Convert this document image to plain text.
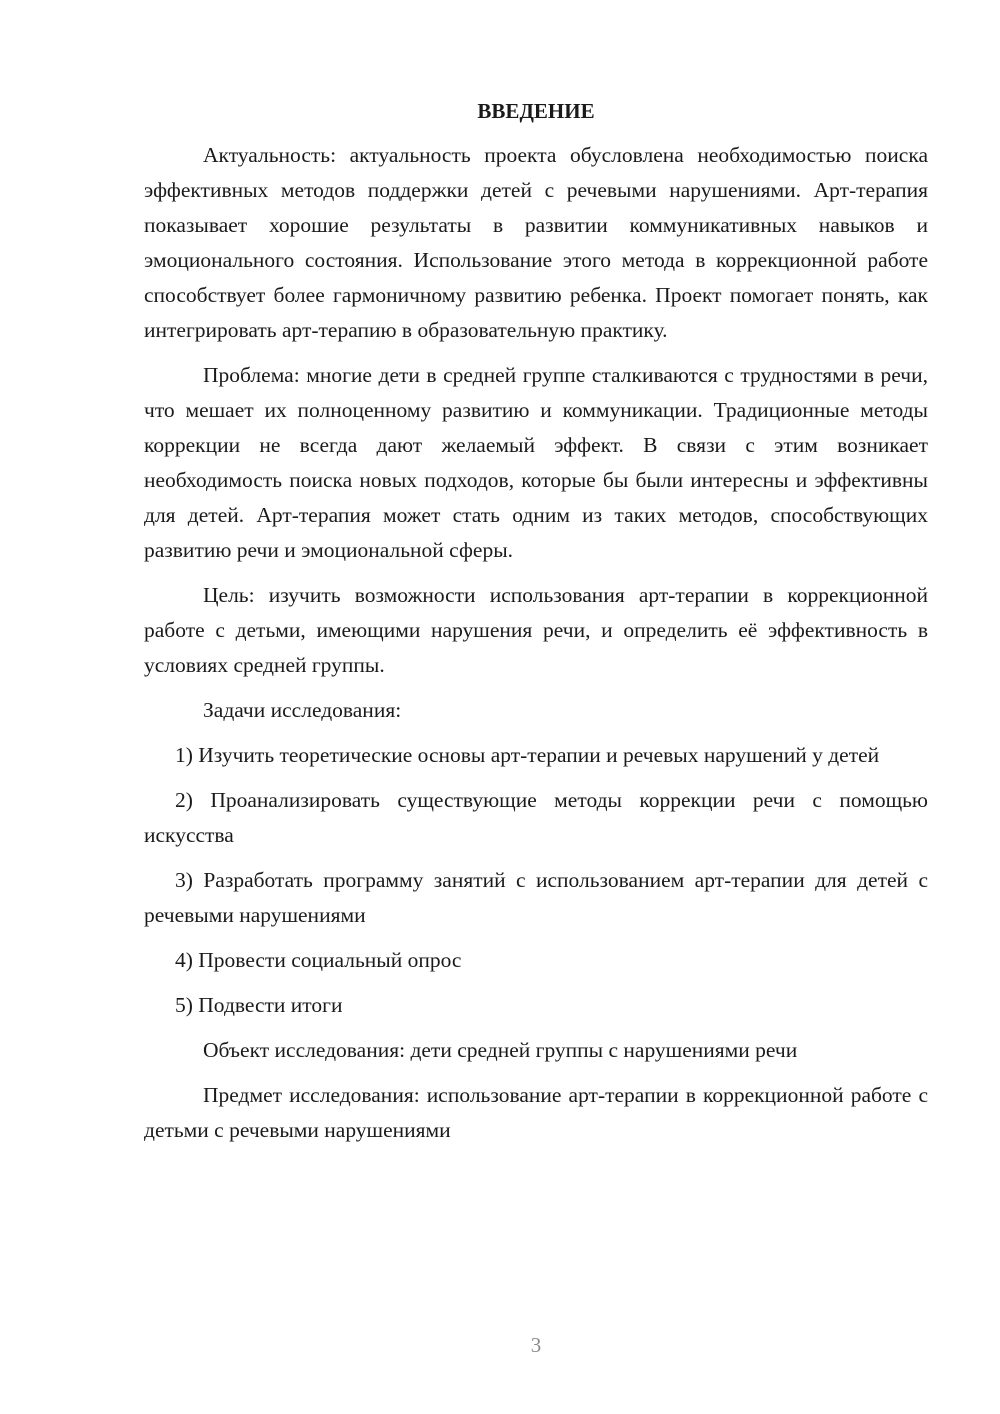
ВВЕДЕНИЕ

Актуальность: актуальность проекта обусловлена необходимостью поиска эффективных методов поддержки детей с речевыми нарушениями. Арт-терапия показывает хорошие результаты в развитии коммуникативных навыков и эмоционального состояния. Использование этого метода в коррекционной работе способствует более гармоничному развитию ребенка. Проект помогает понять, как интегрировать арт-терапию в образовательную практику.

Проблема: многие дети в средней группе сталкиваются с трудностями в речи, что мешает их полноценному развитию и коммуникации. Традиционные методы коррекции не всегда дают желаемый эффект. В связи с этим возникает необходимость поиска новых подходов, которые бы были интересны и эффективны для детей. Арт-терапия может стать одним из таких методов, способствующих развитию речи и эмоциональной сферы.

Цель: изучить возможности использования арт-терапии в коррекционной работе с детьми, имеющими нарушения речи, и определить её эффективность в условиях средней группы.

Задачи исследования:

1) Изучить теоретические основы арт-терапии и речевых нарушений у детей

2) Проанализировать существующие методы коррекции речи с помощью искусства

3) Разработать программу занятий с использованием арт-терапии для детей с речевыми нарушениями

4) Провести социальный опрос

5) Подвести итоги

Объект исследования: дети средней группы с нарушениями речи

Предмет исследования: использование арт-терапии в коррекционной работе с детьми с речевыми нарушениями

3
